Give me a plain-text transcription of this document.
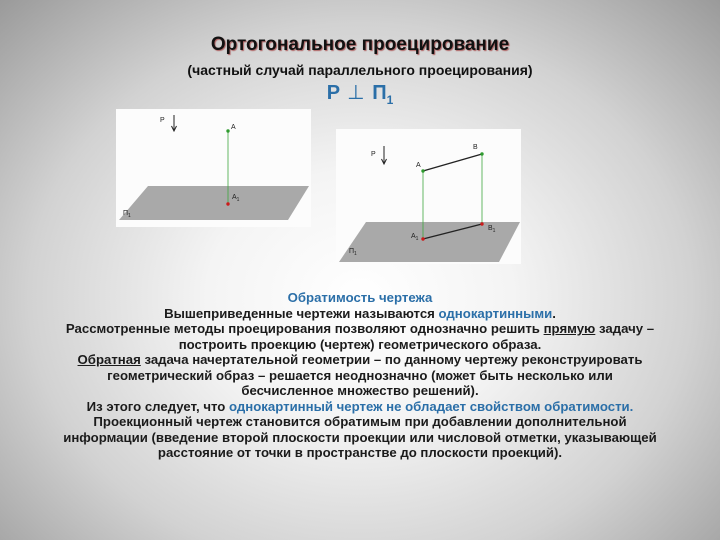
Ортогональное проецирование
(частный случай параллельного проецирования)
P ⊥ $П_1$
P
A
$A_1$
$П_1$
P
A
B
$A_1$
$B_1$
$П_1$

Обратимость чертежа

Вышеприведенные чертежи называются однокартинными.

Рассмотренные методы проецирования позволяют однозначно решить прямую задачу – построить проекцию (чертеж) геометрического образа.

Обратная задача начертательной геометрии – по данному чертежу реконструировать геометрический образ – решается неоднозначно (может быть несколько или бесчисленное множество решений).

Из этого следует, что однокартинный чертеж не обладает свойством обратимости.

Проекционный чертеж становится обратимым при добавлении дополнительной информации (введение второй плоскости проекции или числовой отметки, указывающей расстояние от точки в пространстве до плоскости проекций).
